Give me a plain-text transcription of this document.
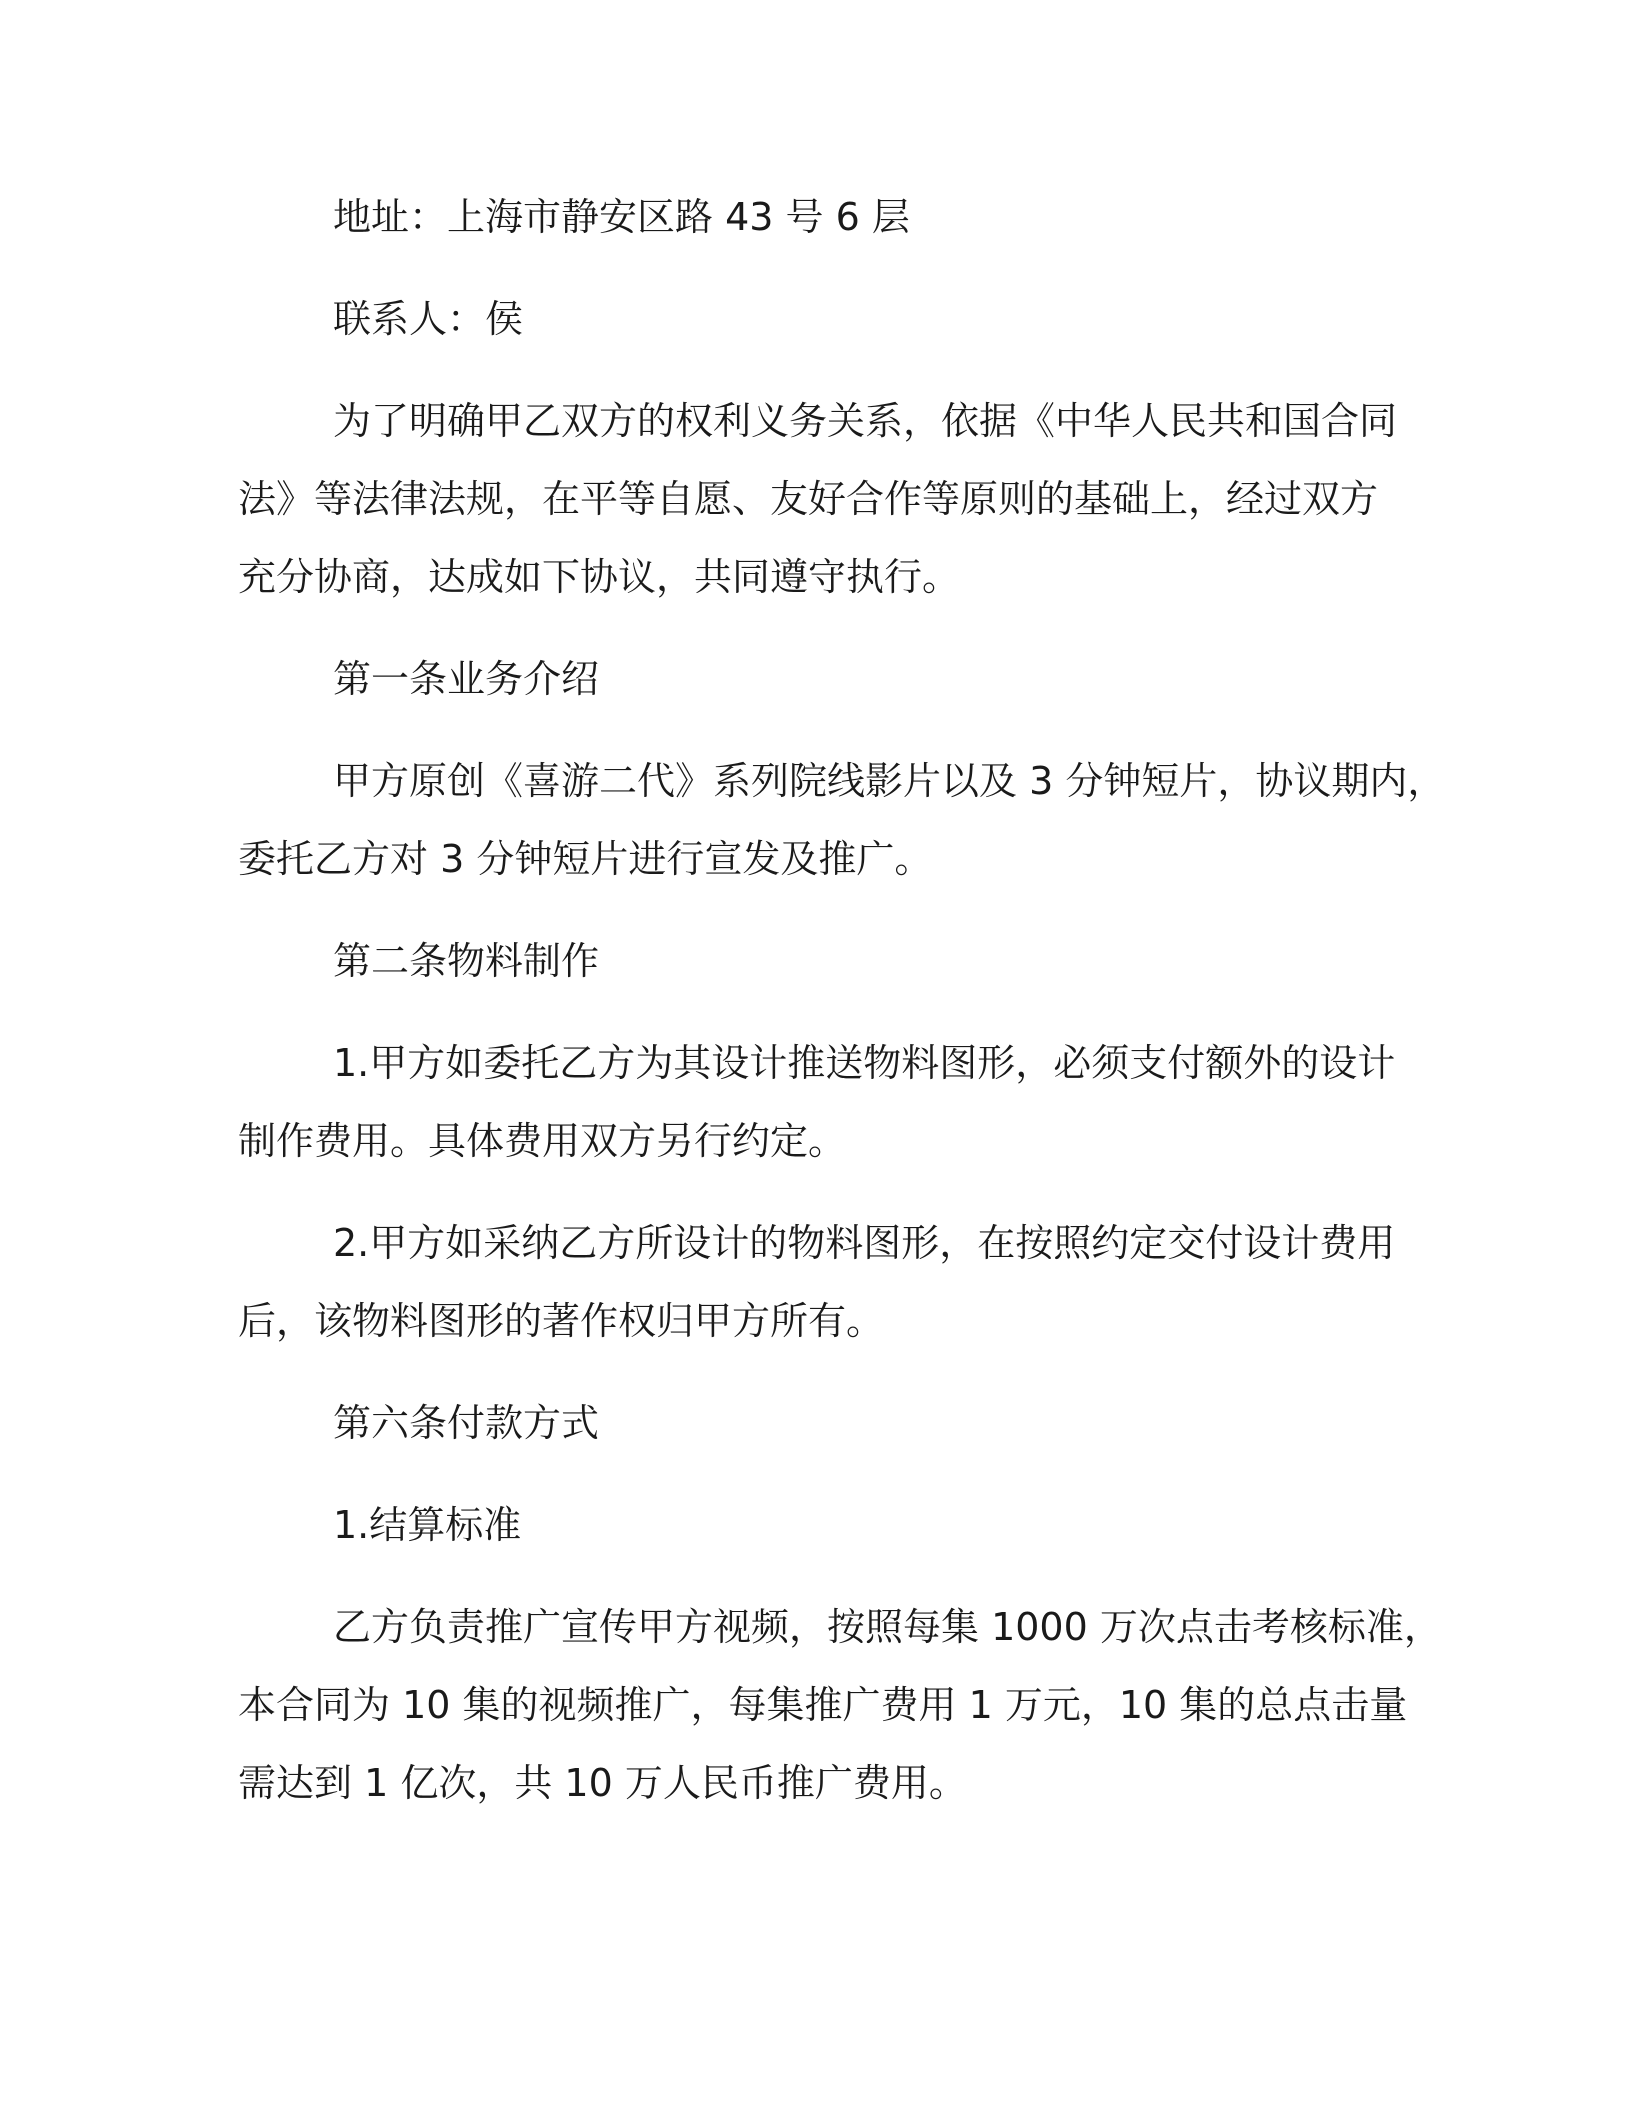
地址：上海市静安区路 43 号 6 层
联系人：侯
为了明确甲乙双方的权利义务关系，依据《中华人民共和国合同
法》等法律法规，在平等自愿、友好合作等原则的基础上，经过双方
充分协商，达成如下协议，共同遵守执行。
第一条业务介绍
甲方原创《喜游二代》系列院线影片以及 3 分钟短片，协议期内，
委托乙方对 3 分钟短片进行宣发及推广。
第二条物料制作
1.甲方如委托乙方为其设计推送物料图形，必须支付额外的设计
制作费用。具体费用双方另行约定。
2.甲方如采纳乙方所设计的物料图形，在按照约定交付设计费用
后，该物料图形的著作权归甲方所有。
第六条付款方式
1.结算标准
乙方负责推广宣传甲方视频，按照每集 1000 万次点击考核标准，
本合同为 10 集的视频推广，每集推广费用 1 万元，10 集的总点击量
需达到 1 亿次，共 10 万人民币推广费用。
